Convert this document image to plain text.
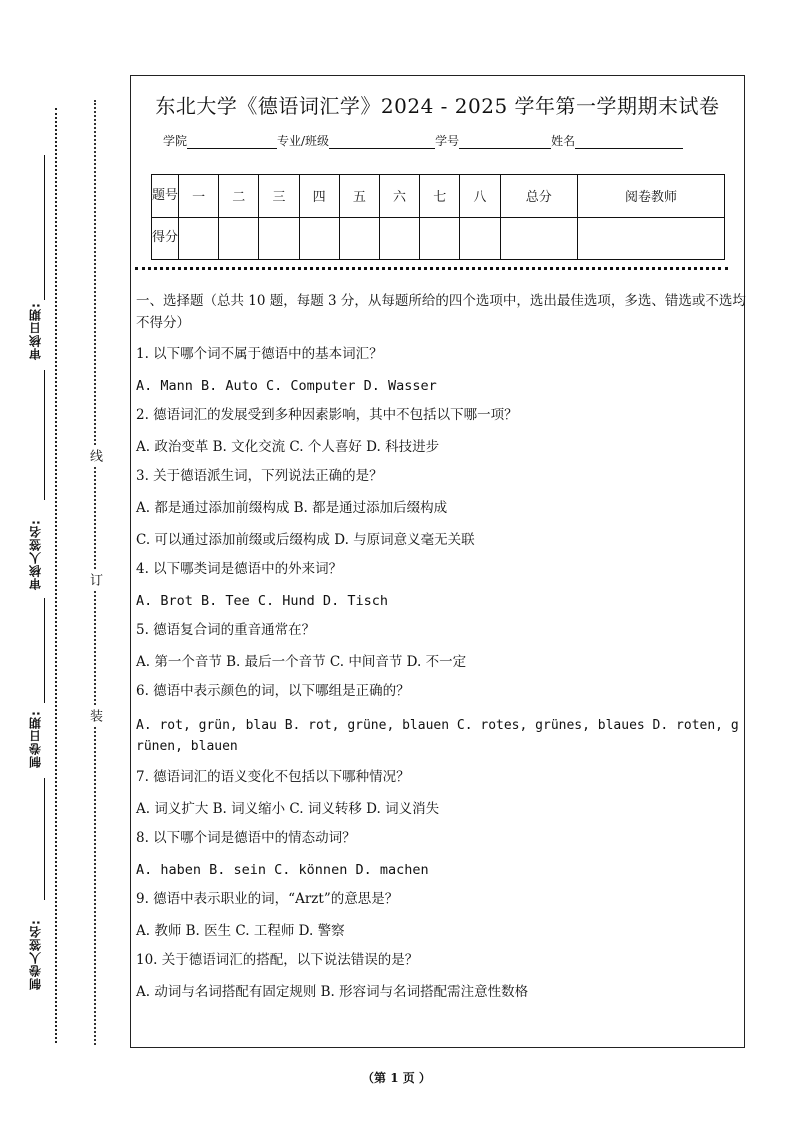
审核日期:
审核人签名:
制卷日期:
制卷人签名:
线
订
装
东北大学《德语词汇学》2024 - 2025 学年第一学期期末试卷
学院	专业/班级	学号	姓名
题号	一	二	三	四	五	六	七	八	总分	阅卷教师
得分										

一、选择题（总共 10 题，每题 3 分，从每题所给的四个选项中，选出最佳选项，多选、错选或不选均不得分）

1. 以下哪个词不属于德语中的基本词汇？

A. Mann B. Auto C. Computer D. Wasser

2. 德语词汇的发展受到多种因素影响，其中不包括以下哪一项？

A. 政治变革 B. 文化交流 C. 个人喜好 D. 科技进步

3. 关于德语派生词，下列说法正确的是？

A. 都是通过添加前缀构成 B. 都是通过添加后缀构成

C. 可以通过添加前缀或后缀构成 D. 与原词意义毫无关联

4. 以下哪类词是德语中的外来词？

A. Brot B. Tee C. Hund D. Tisch

5. 德语复合词的重音通常在？

A. 第一个音节 B. 最后一个音节 C. 中间音节 D. 不一定

6. 德语中表示颜色的词，以下哪组是正确的？

A. rot, grün, blau B. rot, grüne, blauen C. rotes, grünes, blaues D. roten, grünen, blauen

7. 德语词汇的语义变化不包括以下哪种情况？

A. 词义扩大 B. 词义缩小 C. 词义转移 D. 词义消失

8. 以下哪个词是德语中的情态动词？

A. haben B. sein C. können D. machen

9. 德语中表示职业的词，“Arzt”的意思是？

A. 教师 B. 医生 C. 工程师 D. 警察

10. 关于德语词汇的搭配，以下说法错误的是？

A. 动词与名词搭配有固定规则 B. 形容词与名词搭配需注意性数格

（第 1 页 ）
